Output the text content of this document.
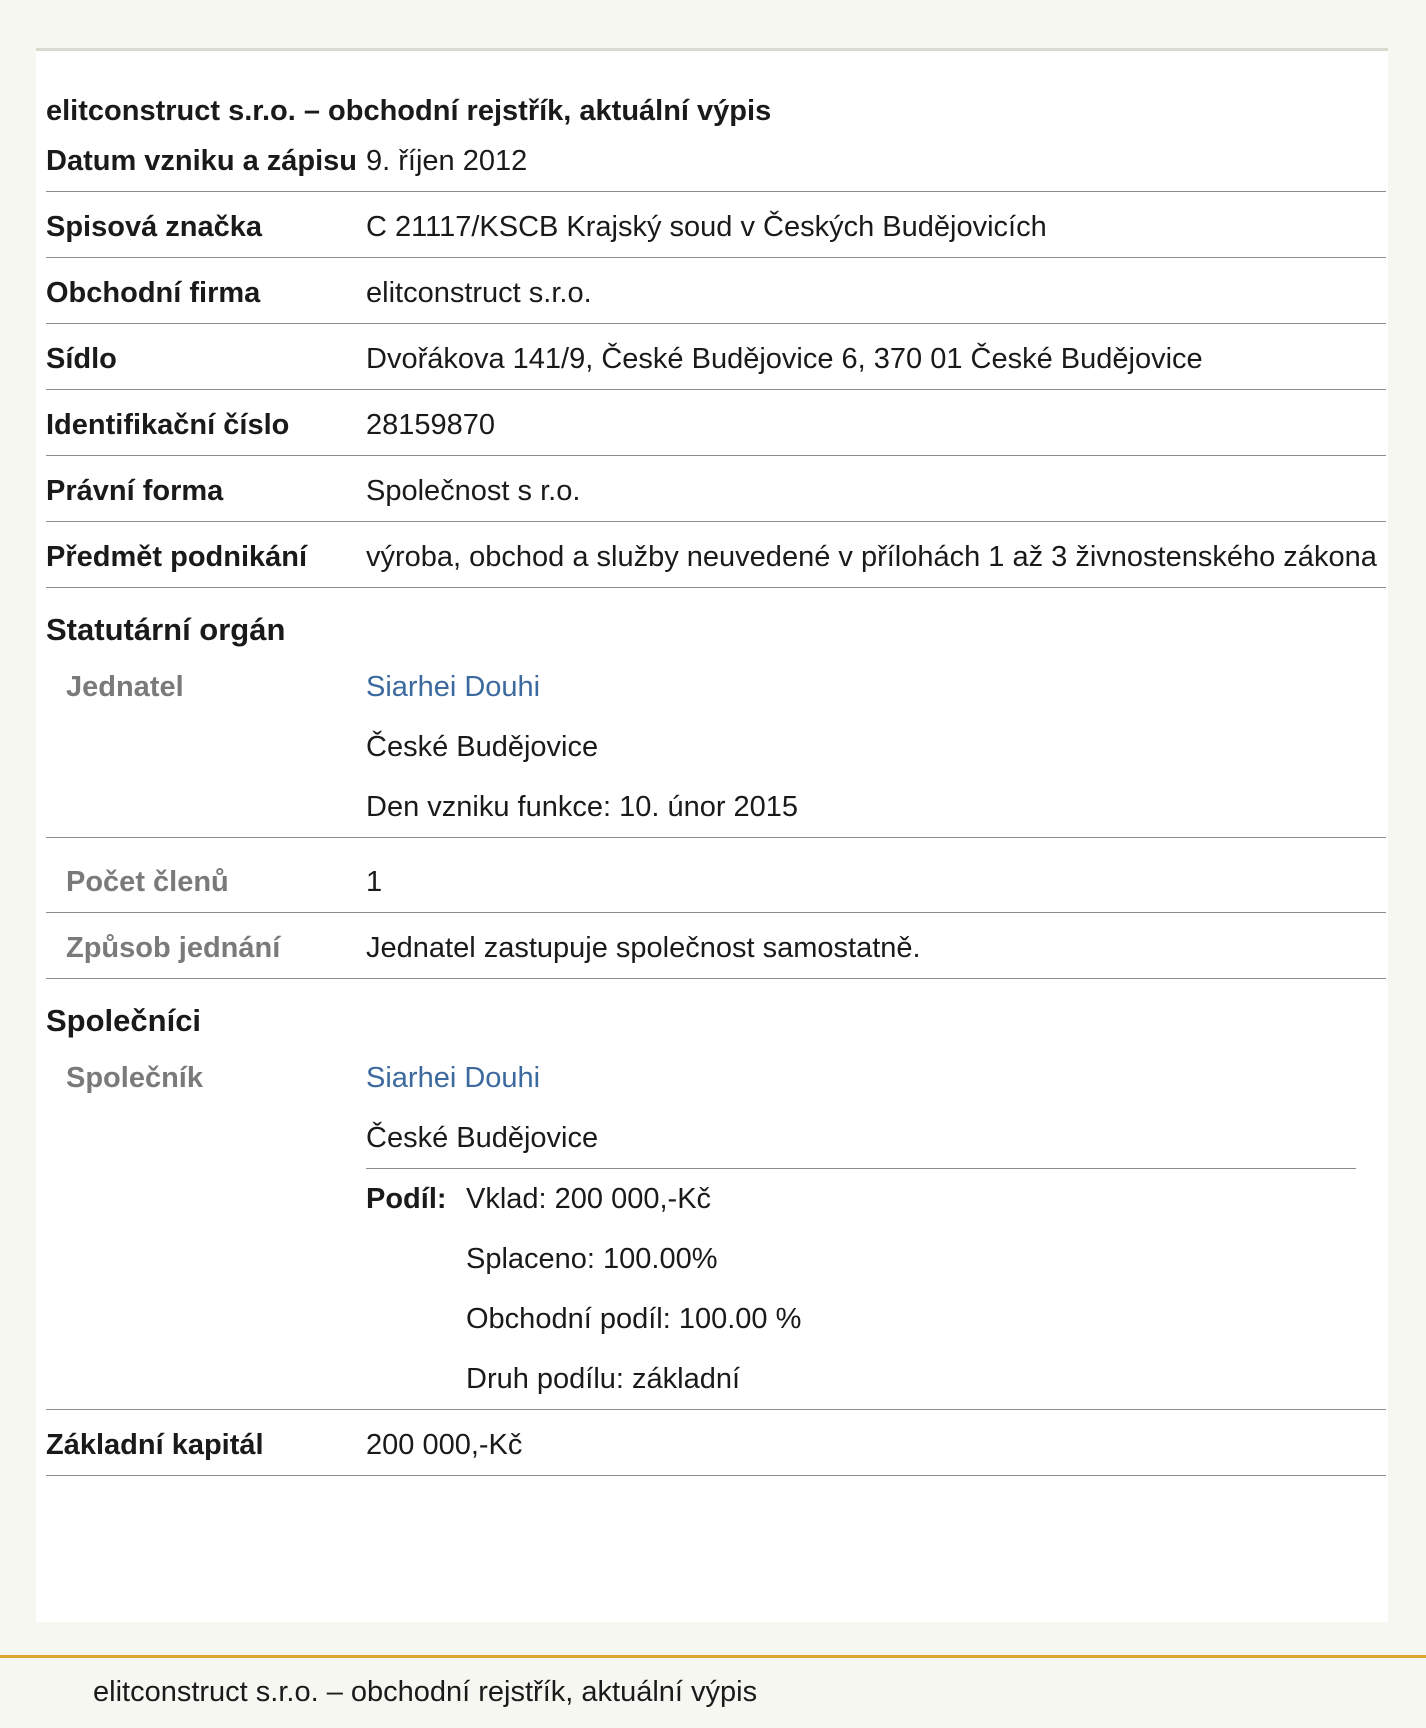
elitconstruct s.r.o. – obchodní rejstřík, aktuální výpis
Datum vzniku a zápisu 9. říjen 2012
Spisová značka	C 21117/KSCB Krajský soud v Českých Budějovicích
Obchodní firma	elitconstruct s.r.o.
Sídlo	Dvořákova 141/9, České Budějovice 6, 370 01 České Budějovice
Identifikační číslo	28159870
Právní forma	Společnost s r.o.
Předmět podnikání	výroba, obchod a služby neuvedené v přílohách 1 až 3 živnostenského zákona
Statutární orgán
Jednatel	Siarhei Douhi
České Budějovice
Den vzniku funkce: 10. únor 2015
Počet členů	1
Způsob jednání	Jednatel zastupuje společnost samostatně.
Společníci
Společník	Siarhei Douhi
České Budějovice
Podíl: Vklad: 200 000,-Kč
Splaceno: 100.00%
Obchodní podíl: 100.00 %
Druh podílu: základní
Základní kapitál	200 000,-Kč
elitconstruct s.r.o. – obchodní rejstřík, aktuální výpis
